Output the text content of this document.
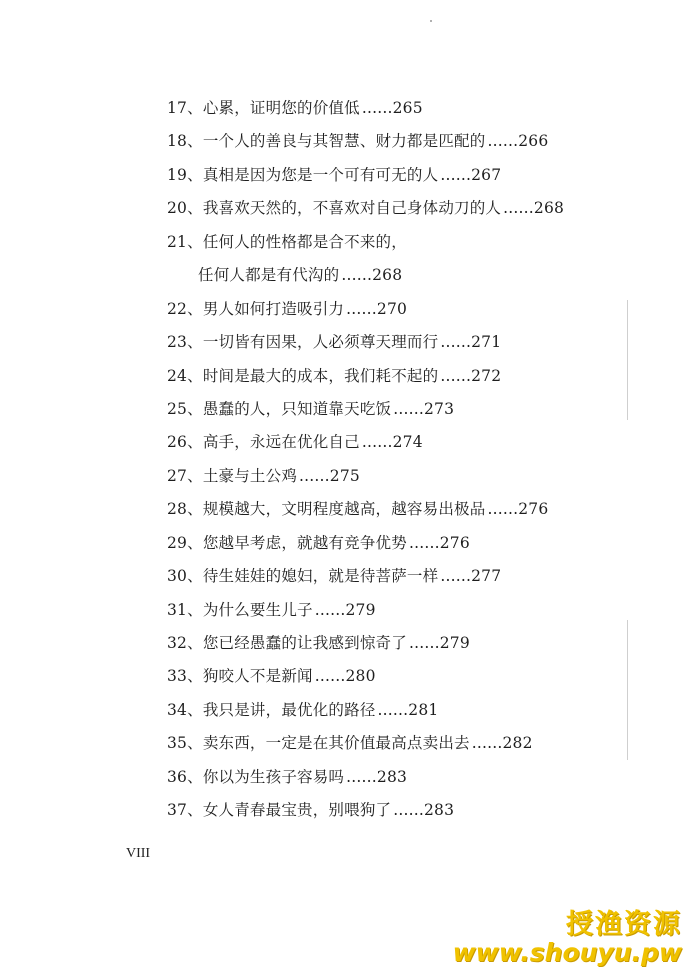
17、心累，证明您的价值低 ......265
18、一个人的善良与其智慧、财力都是匹配的 ......266
19、真相是因为您是一个可有可无的人 ......267
20、我喜欢天然的，不喜欢对自己身体动刀的人 ......268
21、任何人的性格都是合不来的，
任何人都是有代沟的 ......268
22、男人如何打造吸引力 ......270
23、一切皆有因果，人必须尊天理而行 ......271
24、时间是最大的成本，我们耗不起的 ......272
25、愚蠢的人，只知道靠天吃饭 ......273
26、高手，永远在优化自己 ......274
27、土豪与土公鸡 ......275
28、规模越大，文明程度越高，越容易出极品 ......276
29、您越早考虑，就越有竞争优势 ......276
30、待生娃娃的媳妇，就是待菩萨一样 ......277
31、为什么要生儿子 ......279
32、您已经愚蠢的让我感到惊奇了 ......279
33、狗咬人不是新闻 ......280
34、我只是讲，最优化的路径 ......281
35、卖东西，一定是在其价值最高点卖出去 ......282
36、你以为生孩子容易吗 ......283
37、女人青春最宝贵，别喂狗了 ......283
VIII
授渔资源
www.shouyu.pw
